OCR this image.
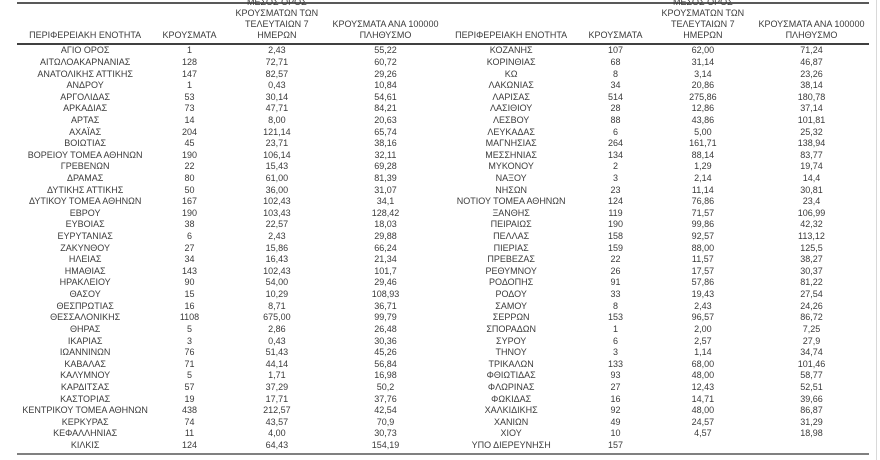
ΠΕΡΙΦΕΡΕΙΑΚΗ ΕΝΟΤΗΤΑ	ΚΡΟΥΣΜΑΤΑ
ΜΕΣΟΣ ΟΡΟΣ
ΚΡΟΥΣΜΑΤΩΝ ΤΩΝ
ΤΕΛΕΥΤΑΙΩΝ 7 ΗΜΕΡΩΝ
ΚΡΟΥΣΜΑΤΑ ΑΝΑ 100000
ΠΛΗΘΥΣΜΟ
ΑΓΙΟ ΟΡΟΣ	1	2,43	55,22
ΑΙΤΩΛΟΑΚΑΡΝΑΝΙΑΣ	128	72,71	60,72
ΑΝΑΤΟΛΙΚΗΣ ΑΤΤΙΚΗΣ	147	82,57	29,26
ΑΝΔΡΟΥ	1	0,43	10,84
ΑΡΓΟΛΙΔΑΣ	53	30,14	54,61
ΑΡΚΑΔΙΑΣ	73	47,71	84,21
ΑΡΤΑΣ	14	8,00	20,63
ΑΧΑΪΑΣ	204	121,14	65,74
ΒΟΙΩΤΙΑΣ	45	23,71	38,16
ΒΟΡΕΙΟΥ ΤΟΜΕΑ ΑΘΗΝΩΝ	190	106,14	32,11
ΓΡΕΒΕΝΩΝ	22	15,43	69,28
ΔΡΑΜΑΣ	80	61,00	81,39
ΔΥΤΙΚΗΣ ΑΤΤΙΚΗΣ	50	36,00	31,07
ΔΥΤΙΚΟΥ ΤΟΜΕΑ ΑΘΗΝΩΝ	167	102,43	34,1
ΕΒΡΟΥ	190	103,43	128,42
ΕΥΒΟΙΑΣ	38	22,57	18,03
ΕΥΡΥΤΑΝΙΑΣ	6	2,43	29,88
ΖΑΚΥΝΘΟΥ	27	15,86	66,24
ΗΛΕΙΑΣ	34	16,43	21,34
ΗΜΑΘΙΑΣ	143	102,43	101,7
ΗΡΑΚΛΕΙΟΥ	90	54,00	29,46
ΘΑΣΟΥ	15	10,29	108,93
ΘΕΣΠΡΩΤΙΑΣ	16	8,71	36,71
ΘΕΣΣΑΛΟΝΙΚΗΣ	1108	675,00	99,79
ΘΗΡΑΣ	5	2,86	26,48
ΙΚΑΡΙΑΣ	3	0,43	30,36
ΙΩΑΝΝΙΝΩΝ	76	51,43	45,26
ΚΑΒΑΛΑΣ	71	44,14	56,84
ΚΑΛΥΜΝΟΥ	5	1,71	16,98
ΚΑΡΔΙΤΣΑΣ	57	37,29	50,2
ΚΑΣΤΟΡΙΑΣ	19	17,71	37,76
ΚΕΝΤΡΙΚΟΥ ΤΟΜΕΑ ΑΘΗΝΩΝ	438	212,57	42,54
ΚΕΡΚΥΡΑΣ	74	43,57	70,9
ΚΕΦΑΛΛΗΝΙΑΣ	11	4,00	30,73
ΚΙΛΚΙΣ	124	64,43	154,19
ΠΕΡΙΦΕΡΕΙΑΚΗ ΕΝΟΤΗΤΑ	ΚΡΟΥΣΜΑΤΑ
ΜΕΣΟΣ ΟΡΟΣ
ΚΡΟΥΣΜΑΤΩΝ ΤΩΝ
ΤΕΛΕΥΤΑΙΩΝ 7 ΗΜΕΡΩΝ
ΚΡΟΥΣΜΑΤΑ ΑΝΑ 100000
ΠΛΗΘΥΣΜΟ
ΚΟΖΑΝΗΣ	107	62,00	71,24
ΚΟΡΙΝΘΙΑΣ	68	31,14	46,87
ΚΩ	8	3,14	23,26
ΛΑΚΩΝΙΑΣ	34	20,86	38,14
ΛΑΡΙΣΑΣ	514	275,86	180,78
ΛΑΣΙΘΙΟΥ	28	12,86	37,14
ΛΕΣΒΟΥ	88	43,86	101,81
ΛΕΥΚΑΔΑΣ	6	5,00	25,32
ΜΑΓΝΗΣΙΑΣ	264	161,71	138,94
ΜΕΣΣΗΝΙΑΣ	134	88,14	83,77
ΜΥΚΟΝΟΥ	2	1,29	19,74
ΝΑΞΟΥ	3	2,14	14,4
ΝΗΣΩΝ	23	11,14	30,81
ΝΟΤΙΟΥ ΤΟΜΕΑ ΑΘΗΝΩΝ	124	76,86	23,4
ΞΑΝΘΗΣ	119	71,57	106,99
ΠΕΙΡΑΙΩΣ	190	99,86	42,32
ΠΕΛΛΑΣ	158	92,57	113,12
ΠΙΕΡΙΑΣ	159	88,00	125,5
ΠΡΕΒΕΖΑΣ	22	11,57	38,27
ΡΕΘΥΜΝΟΥ	26	17,57	30,37
ΡΟΔΟΠΗΣ	91	57,86	81,22
ΡΟΔΟΥ	33	19,43	27,54
ΣΑΜΟΥ	8	2,43	24,26
ΣΕΡΡΩΝ	153	96,57	86,72
ΣΠΟΡΑΔΩΝ	1	2,00	7,25
ΣΥΡΟΥ	6	2,57	27,9
ΤΗΝΟΥ	3	1,14	34,74
ΤΡΙΚΑΛΩΝ	133	68,00	101,46
ΦΘΙΩΤΙΔΑΣ	93	48,00	58,77
ΦΛΩΡΙΝΑΣ	27	12,43	52,51
ΦΩΚΙΔΑΣ	16	14,71	39,66
ΧΑΛΚΙΔΙΚΗΣ	92	48,00	86,87
ΧΑΝΙΩΝ	49	24,57	31,29
ΧΙΟΥ	10	4,57	18,98
ΥΠΟ ΔΙΕΡΕΥΝΗΣΗ	157
